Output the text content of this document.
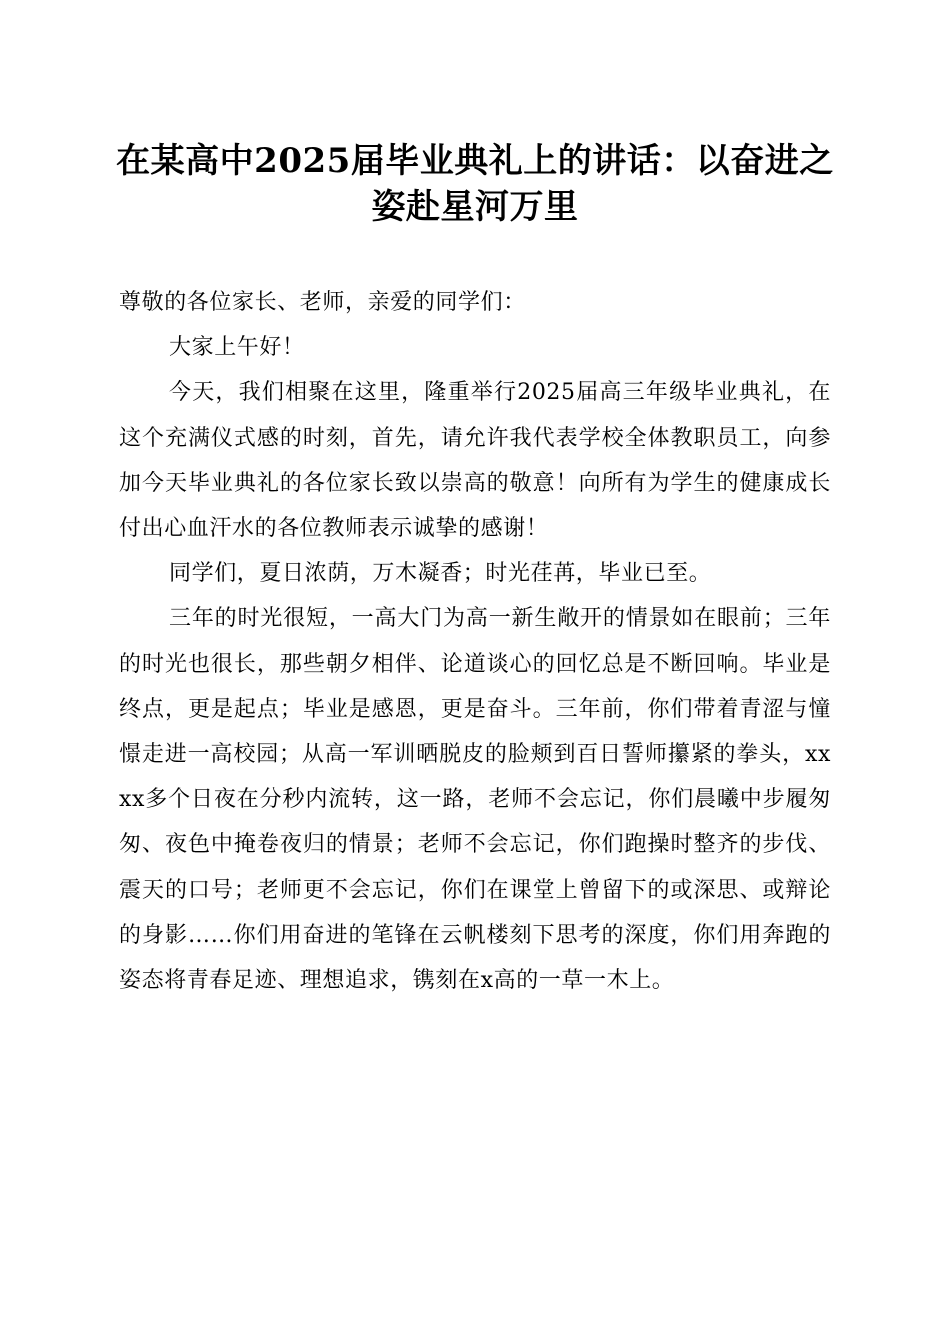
在某高中2025届毕业典礼上的讲话：以奋进之姿赴星河万里

尊敬的各位家长、老师，亲爱的同学们：

大家上午好！

今天，我们相聚在这里，隆重举行2025届高三年级毕业典礼，在这个充满仪式感的时刻，首先，请允许我代表学校全体教职员工，向参加今天毕业典礼的各位家长致以崇高的敬意！向所有为学生的健康成长付出心血汗水的各位教师表示诚挚的感谢！

同学们，夏日浓荫，万木凝香；时光荏苒，毕业已至。

三年的时光很短，一高大门为高一新生敞开的情景如在眼前；三年的时光也很长，那些朝夕相伴、论道谈心的回忆总是不断回响。毕业是终点，更是起点；毕业是感恩，更是奋斗。三年前，你们带着青涩与憧憬走进一高校园；从高一军训晒脱皮的脸颊到百日誓师攥紧的拳头，xxxx多个日夜在分秒内流转，这一路，老师不会忘记，你们晨曦中步履匆匆、夜色中掩卷夜归的情景；老师不会忘记，你们跑操时整齐的步伐、震天的口号；老师更不会忘记，你们在课堂上曾留下的或深思、或辩论的身影……你们用奋进的笔锋在云帆楼刻下思考的深度，你们用奔跑的姿态将青春足迹、理想追求，镌刻在x高的一草一木上。
